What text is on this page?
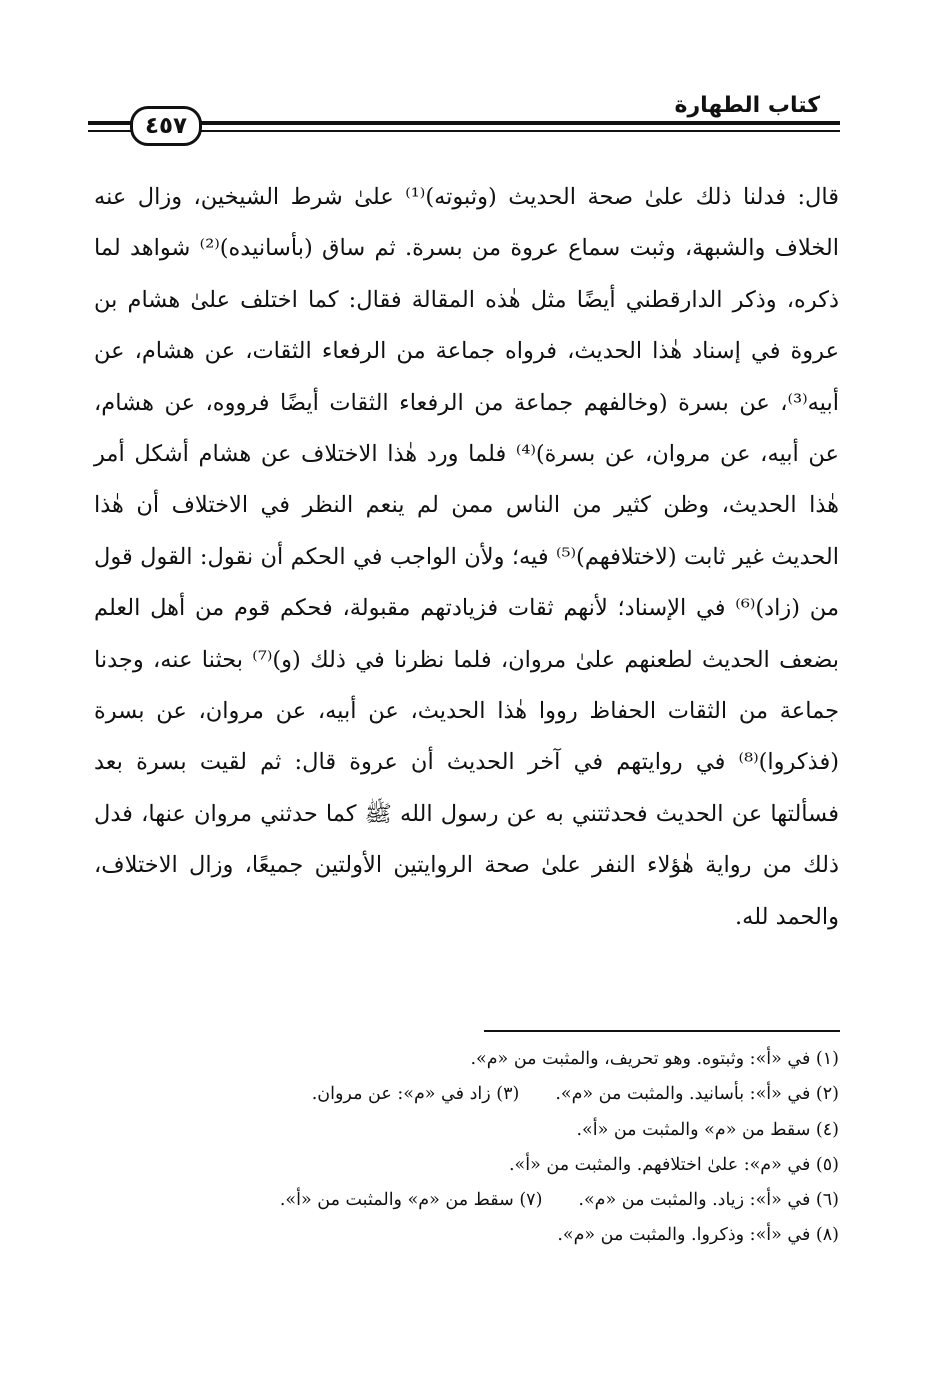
كتاب الطهارة
٤٥٧

قال: فدلنا ذلك علىٰ صحة الحديث (وثبوته)⁽¹⁾ علىٰ شرط الشيخين، وزال عنه الخلاف والشبهة، وثبت سماع عروة من بسرة. ثم ساق (بأسانيده)⁽²⁾ شواهد لما ذكره، وذكر الدارقطني أيضًا مثل هٰذه المقالة فقال: كما اختلف علىٰ هشام بن عروة في إسناد هٰذا الحديث، فرواه جماعة من الرفعاء الثقات، عن هشام، عن أبيه⁽³⁾، عن بسرة (وخالفهم جماعة من الرفعاء الثقات أيضًا فرووه، عن هشام، عن أبيه، عن مروان، عن بسرة)⁽⁴⁾ فلما ورد هٰذا الاختلاف عن هشام أشكل أمر هٰذا الحديث، وظن كثير من الناس ممن لم ينعم النظر في الاختلاف أن هٰذا الحديث غير ثابت (لاختلافهم)⁽⁵⁾ فيه؛ ولأن الواجب في الحكم أن نقول: القول قول من (زاد)⁽⁶⁾ في الإسناد؛ لأنهم ثقات فزيادتهم مقبولة، فحكم قوم من أهل العلم بضعف الحديث لطعنهم علىٰ مروان، فلما نظرنا في ذلك (و)⁽⁷⁾ بحثنا عنه، وجدنا جماعة من الثقات الحفاظ رووا هٰذا الحديث، عن أبيه، عن مروان، عن بسرة (فذكروا)⁽⁸⁾ في روايتهم في آخر الحديث أن عروة قال: ثم لقيت بسرة بعد فسألتها عن الحديث فحدثتني به عن رسول الله ﷺ كما حدثني مروان عنها، فدل ذلك من رواية هٰؤلاء النفر علىٰ صحة الروايتين الأولتين جميعًا، وزال الاختلاف، والحمد لله.

(١) في «أ»: وثبتوه. وهو تحريف، والمثبت من «م».
(٢) في «أ»: بأسانيد. والمثبت من «م».(٣) زاد في «م»: عن مروان.
(٤) سقط من «م» والمثبت من «أ».
(٥) في «م»: علىٰ اختلافهم. والمثبت من «أ».
(٦) في «أ»: زياد. والمثبت من «م».(٧) سقط من «م» والمثبت من «أ».
(٨) في «أ»: وذكروا. والمثبت من «م».
